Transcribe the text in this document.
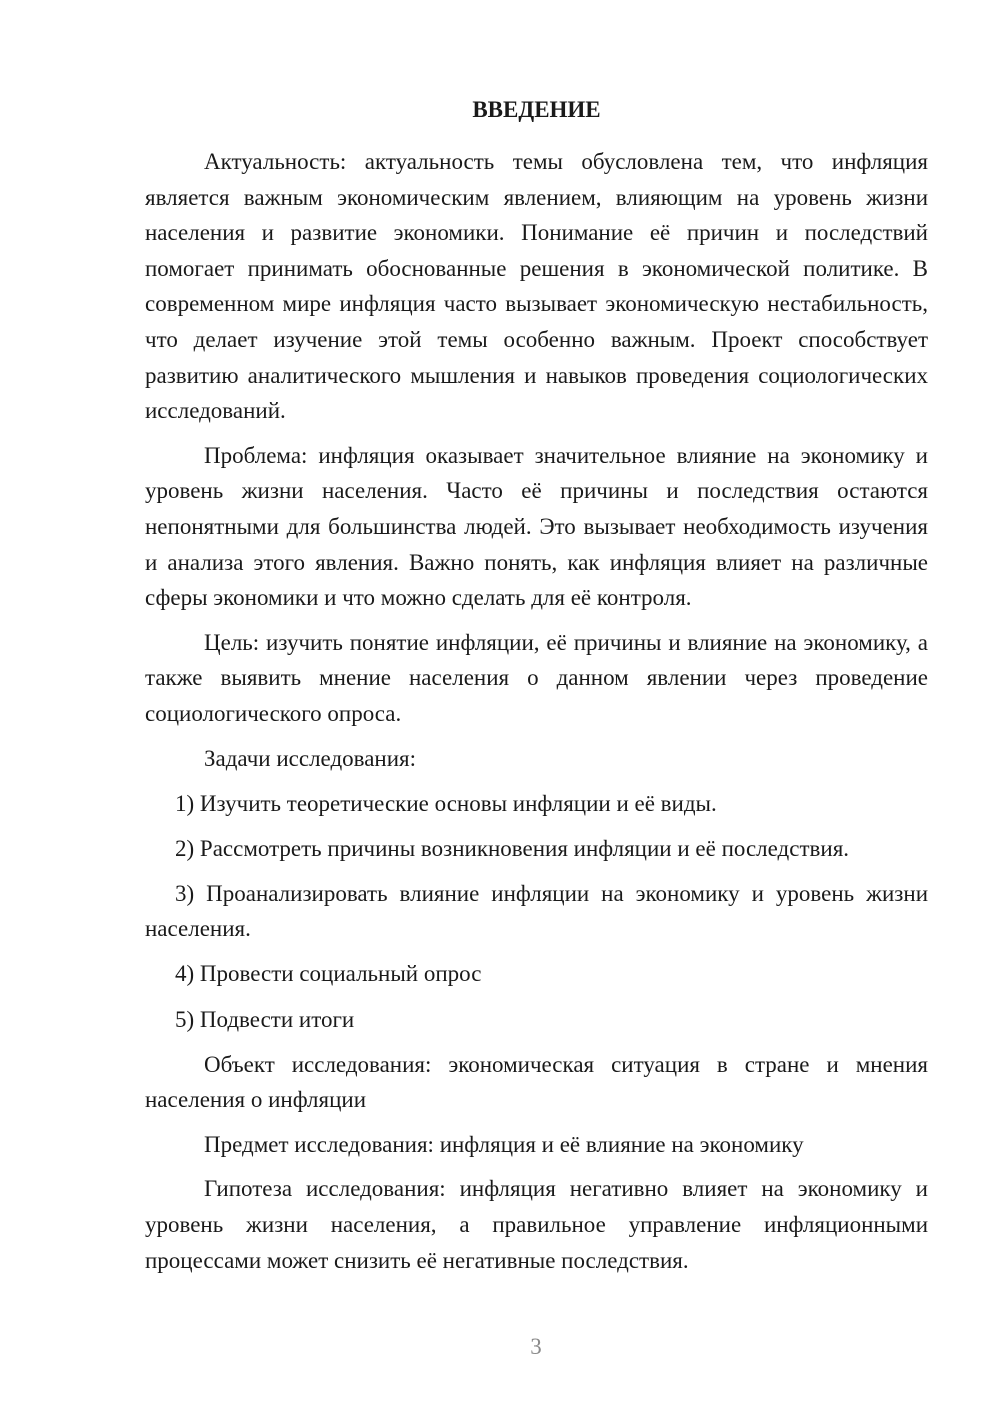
ВВЕДЕНИЕ

Актуальность: актуальность темы обусловлена тем, что инфляция является важным экономическим явлением, влияющим на уровень жизни населения и развитие экономики. Понимание её причин и последствий помогает принимать обоснованные решения в экономической политике. В современном мире инфляция часто вызывает экономическую нестабильность, что делает изучение этой темы особенно важным. Проект способствует развитию аналитического мышления и навыков проведения социологических исследований.

Проблема: инфляция оказывает значительное влияние на экономику и уровень жизни населения. Часто её причины и последствия остаются непонятными для большинства людей. Это вызывает необходимость изучения и анализа этого явления. Важно понять, как инфляция влияет на различные сферы экономики и что можно сделать для её контроля.

Цель: изучить понятие инфляции, её причины и влияние на экономику, а также выявить мнение населения о данном явлении через проведение социологического опроса.

Задачи исследования:

1) Изучить теоретические основы инфляции и её виды.

2) Рассмотреть причины возникновения инфляции и её последствия.

3) Проанализировать влияние инфляции на экономику и уровень жизни населения.

4) Провести социальный опрос

5) Подвести итоги

Объект исследования: экономическая ситуация в стране и мнения населения о инфляции

Предмет исследования: инфляция и её влияние на экономику

Гипотеза исследования: инфляция негативно влияет на экономику и уровень жизни населения, а правильное управление инфляционными процессами может снизить её негативные последствия.

3
